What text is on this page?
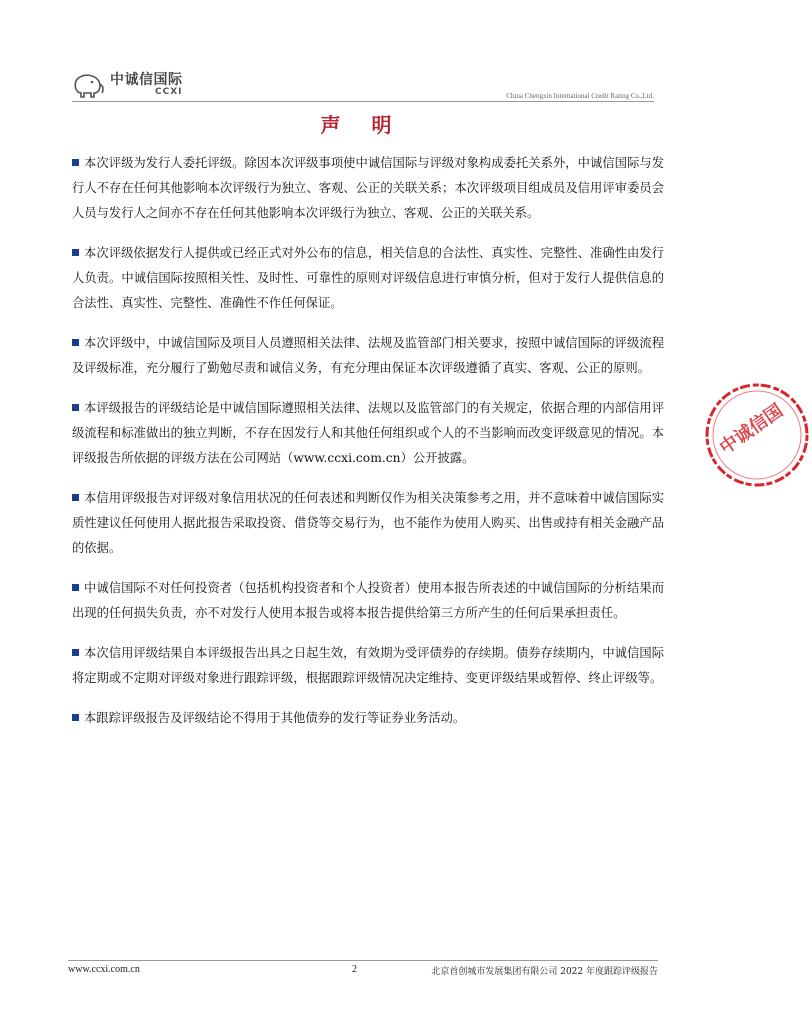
中诚信国际
CCXI	China Chengxin International Credit Rating Co.,Ltd.
声 明

本次评级为发行人委托评级。除因本次评级事项使中诚信国际与评级对象构成委托关系外，中诚信国际与发行人不存在任何其他影响本次评级行为独立、客观、公正的关联关系；本次评级项目组成员及信用评审委员会人员与发行人之间亦不存在任何其他影响本次评级行为独立、客观、公正的关联关系。

本次评级依据发行人提供或已经正式对外公布的信息，相关信息的合法性、真实性、完整性、准确性由发行人负责。中诚信国际按照相关性、及时性、可靠性的原则对评级信息进行审慎分析，但对于发行人提供信息的合法性、真实性、完整性、准确性不作任何保证。

本次评级中，中诚信国际及项目人员遵照相关法律、法规及监管部门相关要求，按照中诚信国际的评级流程及评级标准，充分履行了勤勉尽责和诚信义务，有充分理由保证本次评级遵循了真实、客观、公正的原则。

本评级报告的评级结论是中诚信国际遵照相关法律、法规以及监管部门的有关规定，依据合理的内部信用评级流程和标准做出的独立判断，不存在因发行人和其他任何组织或个人的不当影响而改变评级意见的情况。本评级报告所依据的评级方法在公司网站（www.ccxi.com.cn）公开披露。

本信用评级报告对评级对象信用状况的任何表述和判断仅作为相关决策参考之用，并不意味着中诚信国际实质性建议任何使用人据此报告采取投资、借贷等交易行为，也不能作为使用人购买、出售或持有相关金融产品的依据。

中诚信国际不对任何投资者（包括机构投资者和个人投资者）使用本报告所表述的中诚信国际的分析结果而出现的任何损失负责，亦不对发行人使用本报告或将本报告提供给第三方所产生的任何后果承担责任。

本次信用评级结果自本评级报告出具之日起生效，有效期为受评债券的存续期。债券存续期内，中诚信国际将定期或不定期对评级对象进行跟踪评级，根据跟踪评级情况决定维持、变更评级结果或暂停、终止评级等。

本跟踪评级报告及评级结论不得用于其他债券的发行等证券业务活动。

中诚信国
www.ccxi.com.cn	2	北京首创城市发展集团有限公司 2022 年度跟踪评级报告
